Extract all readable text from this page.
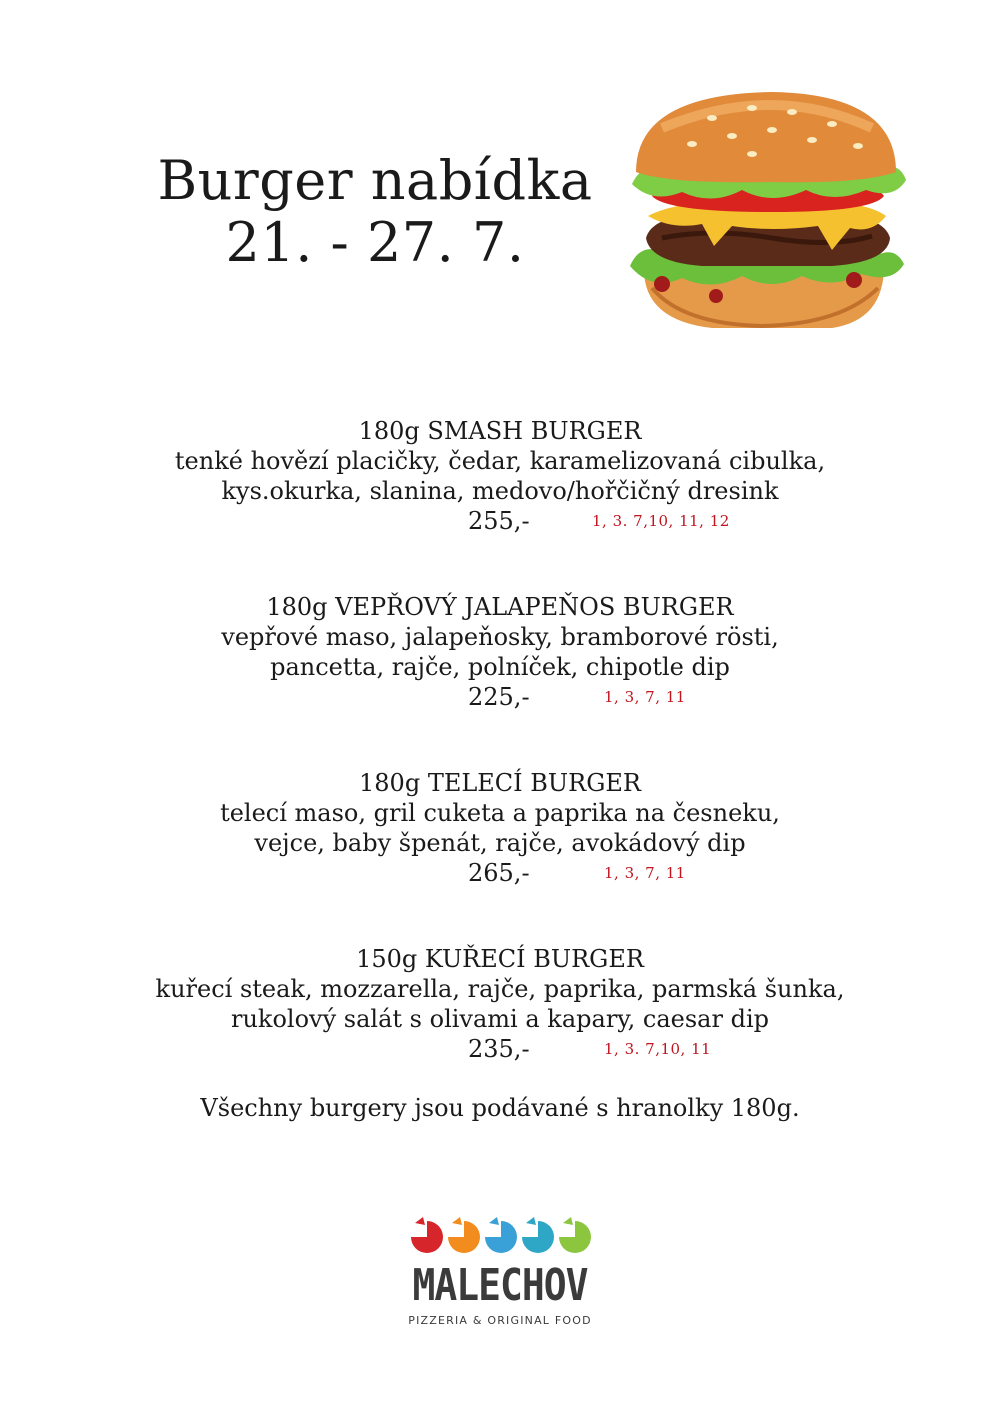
Burger nabídka
21. - 27. 7.
180g SMASH BURGER
tenké hovězí placičky, čedar, karamelizovaná cibulka,
kys.okurka, slanina, medovo/hořčičný dresink
255,-	1, 3. 7,10, 11, 12
180g VEPŘOVÝ JALAPEŇOS BURGER
vepřové maso, jalapeňosky, bramborové rösti,
pancetta, rajče, polníček, chipotle dip
225,-	1, 3, 7, 11
180g TELECÍ BURGER
telecí maso, gril cuketa a paprika na česneku,
vejce, baby špenát, rajče, avokádový dip
265,-	1, 3, 7, 11
150g KUŘECÍ BURGER
kuřecí steak, mozzarella, rajče, paprika, parmská šunka,
rukolový salát s olivami a kapary, caesar dip
235,-	1, 3. 7,10, 11
Všechny burgery jsou podávané s hranolky 180g.
MALECHOV
PIZZERIA & ORIGINAL FOOD
